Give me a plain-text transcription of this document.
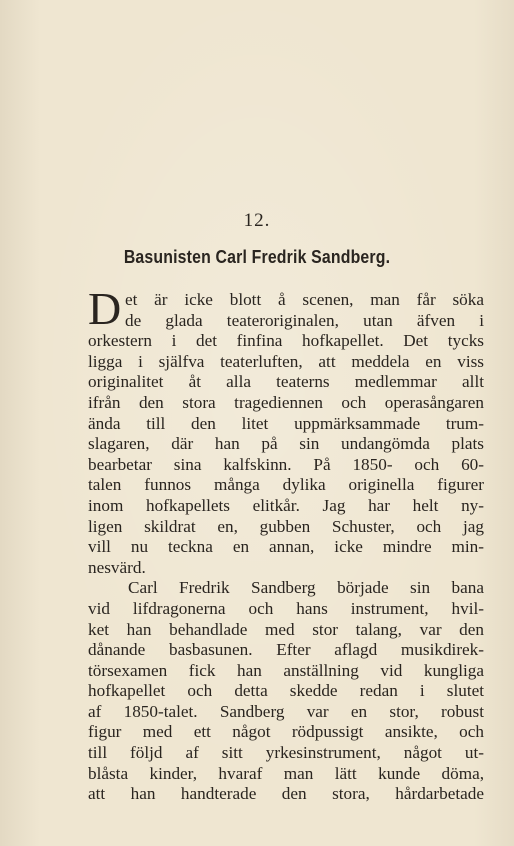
12.
Basunisten Carl Fredrik Sandberg.
D et är icke blott å scenen, man får söka
de glada teateroriginalen, utan äfven i
orkestern i det finfina hofkapellet. Det tycks
ligga i själfva teaterluften, att meddela en viss
originalitet åt alla teaterns medlemmar allt
ifrån den stora tragediennen och operasångaren
ända till den litet uppmärksammade trum-
slagaren, där han på sin undangömda plats
bearbetar sina kalfskinn. På 1850- och 60-
talen funnos många dylika originella figurer
inom hofkapellets elitkår. Jag har helt ny-
ligen skildrat en, gubben Schuster, och jag
vill nu teckna en annan, icke mindre min-
nesvärd.
Carl Fredrik Sandberg började sin bana
vid lifdragonerna och hans instrument, hvil-
ket han behandlade med stor talang, var den
dånande basbasunen. Efter aflagd musikdirek-
törsexamen fick han anställning vid kungliga
hofkapellet och detta skedde redan i slutet
af 1850-talet. Sandberg var en stor, robust
figur med ett något rödpussigt ansikte, och
till följd af sitt yrkesinstrument, något ut-
blåsta kinder, hvaraf man lätt kunde döma,
att han handterade den stora, hårdarbetade
